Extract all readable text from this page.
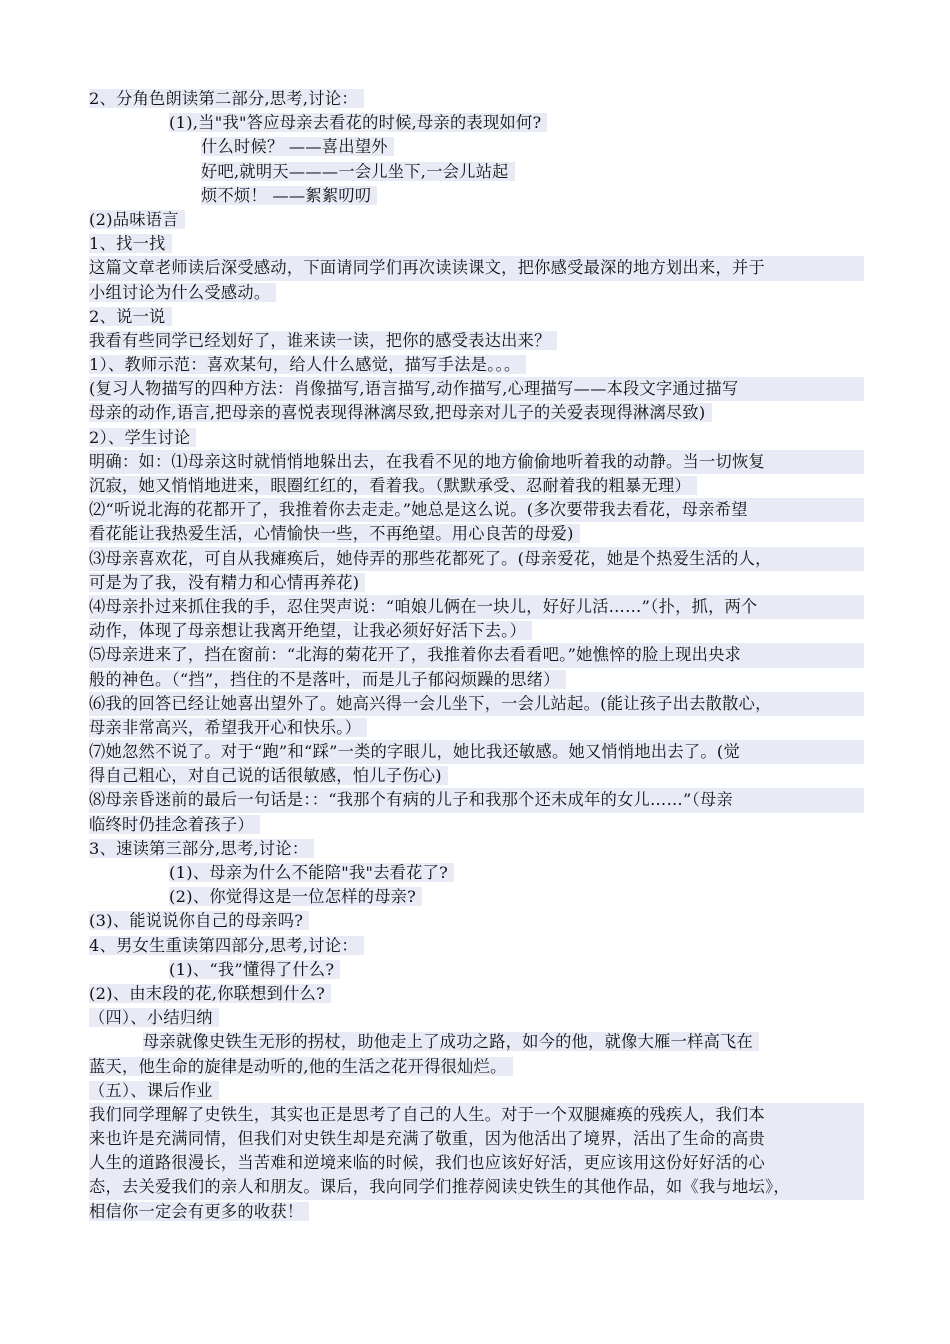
2、分角色朗读第二部分,思考,讨论：
(1),当"我"答应母亲去看花的时候,母亲的表现如何?
什么时候？ ——喜出望外
好吧,就明天———一会儿坐下,一会儿站起
烦不烦！ ——絮絮叨叨
(2)品味语言
1、找一找
这篇文章老师读后深受感动，下面请同学们再次读读课文，把你感受最深的地方划出来，并于
小组讨论为什么受感动。
2、说一说
我看有些同学已经划好了，谁来读一读，把你的感受表达出来？
1）、教师示范：喜欢某句，给人什么感觉，描写手法是。。。
(复习人物描写的四种方法：肖像描写,语言描写,动作描写,心理描写——本段文字通过描写
母亲的动作,语言,把母亲的喜悦表现得淋漓尽致,把母亲对儿子的关爱表现得淋漓尽致)
2）、学生讨论
明确：如：⑴母亲这时就悄悄地躲出去，在我看不见的地方偷偷地听着我的动静。当一切恢复
沉寂，她又悄悄地进来，眼圈红红的，看着我。（默默承受、忍耐着我的粗暴无理）
⑵“听说北海的花都开了，我推着你去走走。”她总是这么说。(多次要带我去看花，母亲希望
看花能让我热爱生活，心情愉快一些，不再绝望。用心良苦的母爱)
⑶母亲喜欢花，可自从我瘫痪后，她侍弄的那些花都死了。(母亲爱花，她是个热爱生活的人，
可是为了我，没有精力和心情再养花)
⑷母亲扑过来抓住我的手，忍住哭声说：“咱娘儿俩在一块儿，好好儿活……”（扑，抓，两个
动作，体现了母亲想让我离开绝望，让我必须好好活下去。）
⑸母亲进来了，挡在窗前：“北海的菊花开了，我推着你去看看吧。”她憔悴的脸上现出央求
般的神色。（“挡”，挡住的不是落叶，而是儿子郁闷烦躁的思绪）
⑹我的回答已经让她喜出望外了。她高兴得一会儿坐下，一会儿站起。(能让孩子出去散散心，
母亲非常高兴，希望我开心和快乐。）
⑺她忽然不说了。对于“跑”和“踩”一类的字眼儿，她比我还敏感。她又悄悄地出去了。(觉
得自己粗心，对自己说的话很敏感，怕儿子伤心)
⑻母亲昏迷前的最后一句话是：：“我那个有病的儿子和我那个还未成年的女儿……”（母亲
临终时仍挂念着孩子）
3、速读第三部分,思考,讨论：
(1)、母亲为什么不能陪"我"去看花了?
(2)、你觉得这是一位怎样的母亲?
(3)、能说说你自己的母亲吗?
4、男女生重读第四部分,思考,讨论：
(1)、“我”懂得了什么?
(2)、由末段的花,你联想到什么?
（四）、小结归纳
母亲就像史铁生无形的拐杖，助他走上了成功之路，如今的他，就像大雁一样高飞在
蓝天，他生命的旋律是动听的,他的生活之花开得很灿烂。
（五）、课后作业
我们同学理解了史铁生，其实也正是思考了自己的人生。对于一个双腿瘫痪的残疾人，我们本
来也许是充满同情，但我们对史铁生却是充满了敬重，因为他活出了境界，活出了生命的高贵
人生的道路很漫长，当苦难和逆境来临的时候，我们也应该好好活，更应该用这份好好活的心
态，去关爱我们的亲人和朋友。课后，我向同学们推荐阅读史铁生的其他作品，如《我与地坛》，
相信你一定会有更多的收获！
